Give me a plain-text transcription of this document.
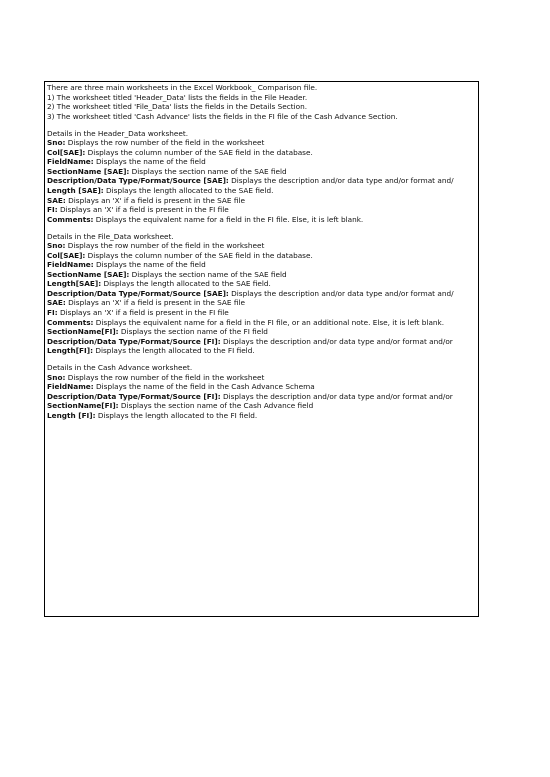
There are three main worksheets in the Excel Workbook_ Comparison file.
1) The worksheet titled 'Header_Data' lists the fields in the File Header.
2) The worksheet titled 'File_Data' lists the fields in the Details Section.
3) The worksheet titled 'Cash Advance' lists the fields in the FI file of the Cash Advance Section.
Details in the Header_Data worksheet.
Sno: Displays the row number of the field in the worksheet
Col[SAE]: Displays the column number of the SAE field in the database.
FieldName: Displays the name of the field
SectionName [SAE]: Displays the section name of the SAE field
Description/Data Type/Format/Source [SAE]: Displays the description and/or data type and/or format and/
Length [SAE]: Displays the length allocated to the SAE field.
SAE: Displays an 'X' if a field is present in the SAE file
FI: Displays an 'X' if a field is present in the FI file
Comments: Displays the equivalent name for a field in the FI file. Else, it is left blank.
Details in the File_Data worksheet.
Sno: Displays the row number of the field in the worksheet
Col[SAE]: Displays the column number of the SAE field in the database.
FieldName: Displays the name of the field
SectionName [SAE]: Displays the section name of the SAE field
Length[SAE]: Displays the length allocated to the SAE field.
Description/Data Type/Format/Source [SAE]: Displays the description and/or data type and/or format and/
SAE: Displays an 'X' if a field is present in the SAE file
FI: Displays an 'X' if a field is present in the FI file
Comments: Displays the equivalent name for a field in the FI file, or an additional note. Else, it is left blank.
SectionName[FI]: Displays the section name of the FI field
Description/Data Type/Format/Source [FI]: Displays the description and/or data type and/or format and/or
Length[FI]: Displays the length allocated to the FI field.
Details in the Cash Advance worksheet.
Sno: Displays the row number of the field in the worksheet
FieldName: Displays the name of the field in the Cash Advance Schema
Description/Data Type/Format/Source [FI]: Displays the description and/or data type and/or format and/or
SectionName[FI]: Displays the section name of the Cash Advance field
Length [FI]: Displays the length allocated to the FI field.
